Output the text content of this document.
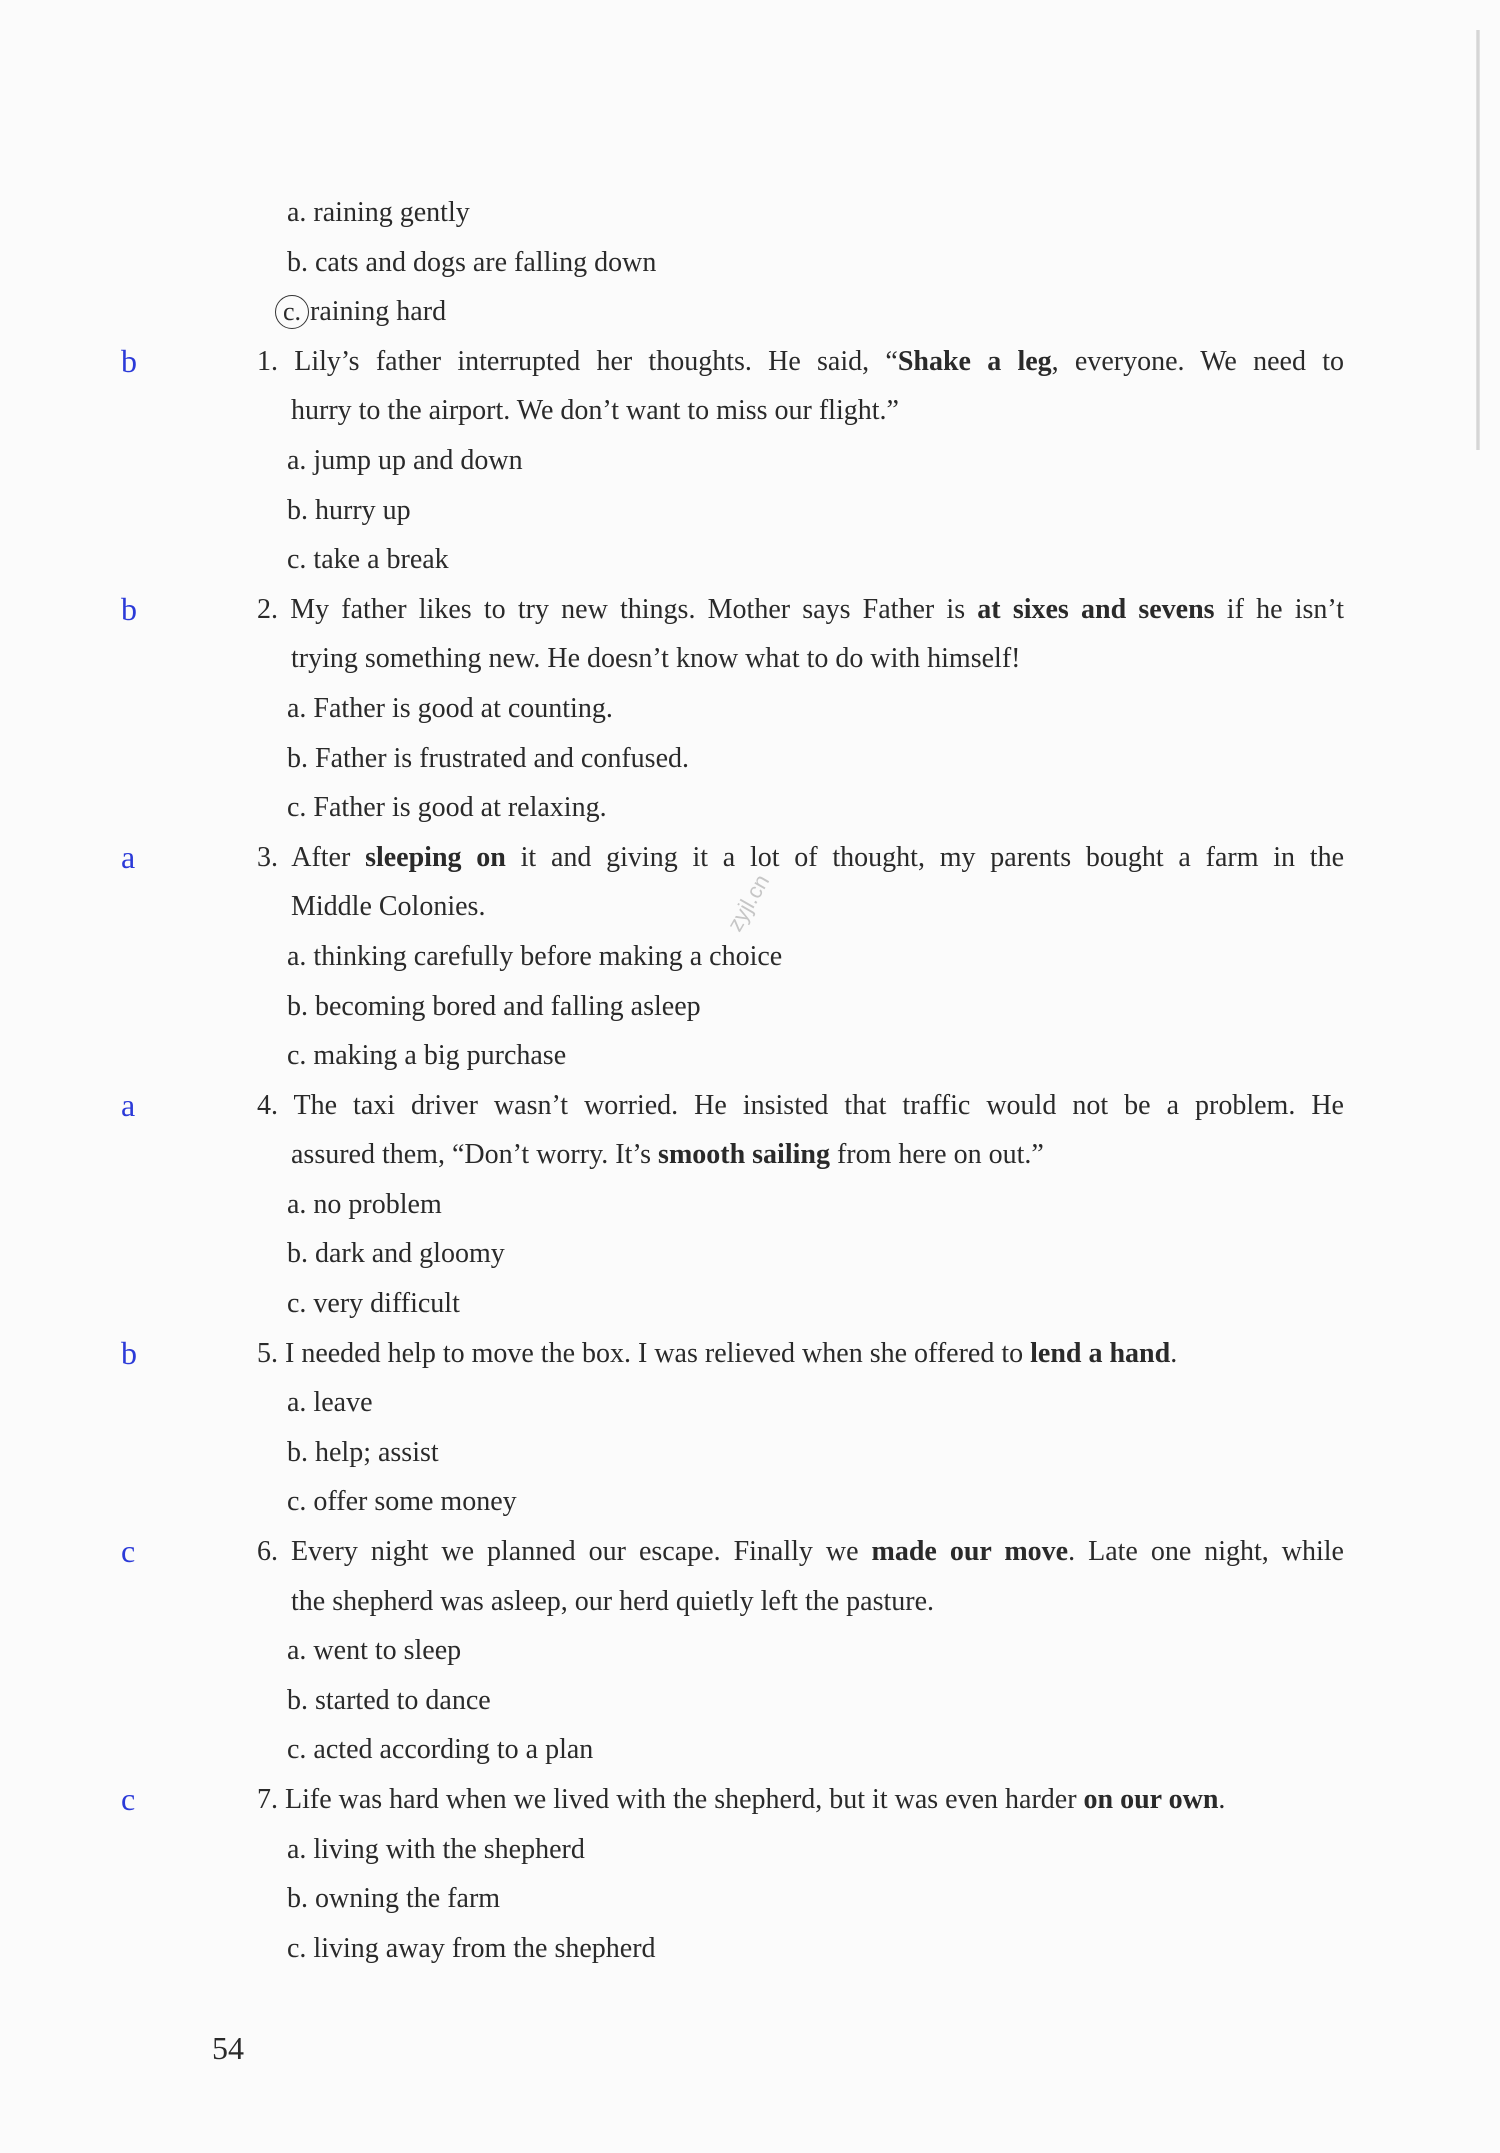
zyjl.cn
a. raining gently
b. cats and dogs are falling down
c. raining hard
b	1. Lily’s father interrupted her thoughts. He said, “Shake a leg, everyone. We need to
hurry to the airport. We don’t want to miss our flight.”
a. jump up and down
b. hurry up
c. take a break
b	2. My father likes to try new things. Mother says Father is at sixes and sevens if he isn’t
trying something new. He doesn’t know what to do with himself!
a. Father is good at counting.
b. Father is frustrated and confused.
c. Father is good at relaxing.
a	3. After sleeping on it and giving it a lot of thought, my parents bought a farm in the
Middle Colonies.
a. thinking carefully before making a choice
b. becoming bored and falling asleep
c. making a big purchase
a	4. The taxi driver wasn’t worried. He insisted that traffic would not be a problem. He
assured them, “Don’t worry. It’s smooth sailing from here on out.”
a. no problem
b. dark and gloomy
c. very difficult
b	5. I needed help to move the box. I was relieved when she offered to lend a hand.
a. leave
b. help; assist
c. offer some money
c	6. Every night we planned our escape. Finally we made our move. Late one night, while
the shepherd was asleep, our herd quietly left the pasture.
a. went to sleep
b. started to dance
c. acted according to a plan
c	7. Life was hard when we lived with the shepherd, but it was even harder on our own.
a. living with the shepherd
b. owning the farm
c. living away from the shepherd
54
